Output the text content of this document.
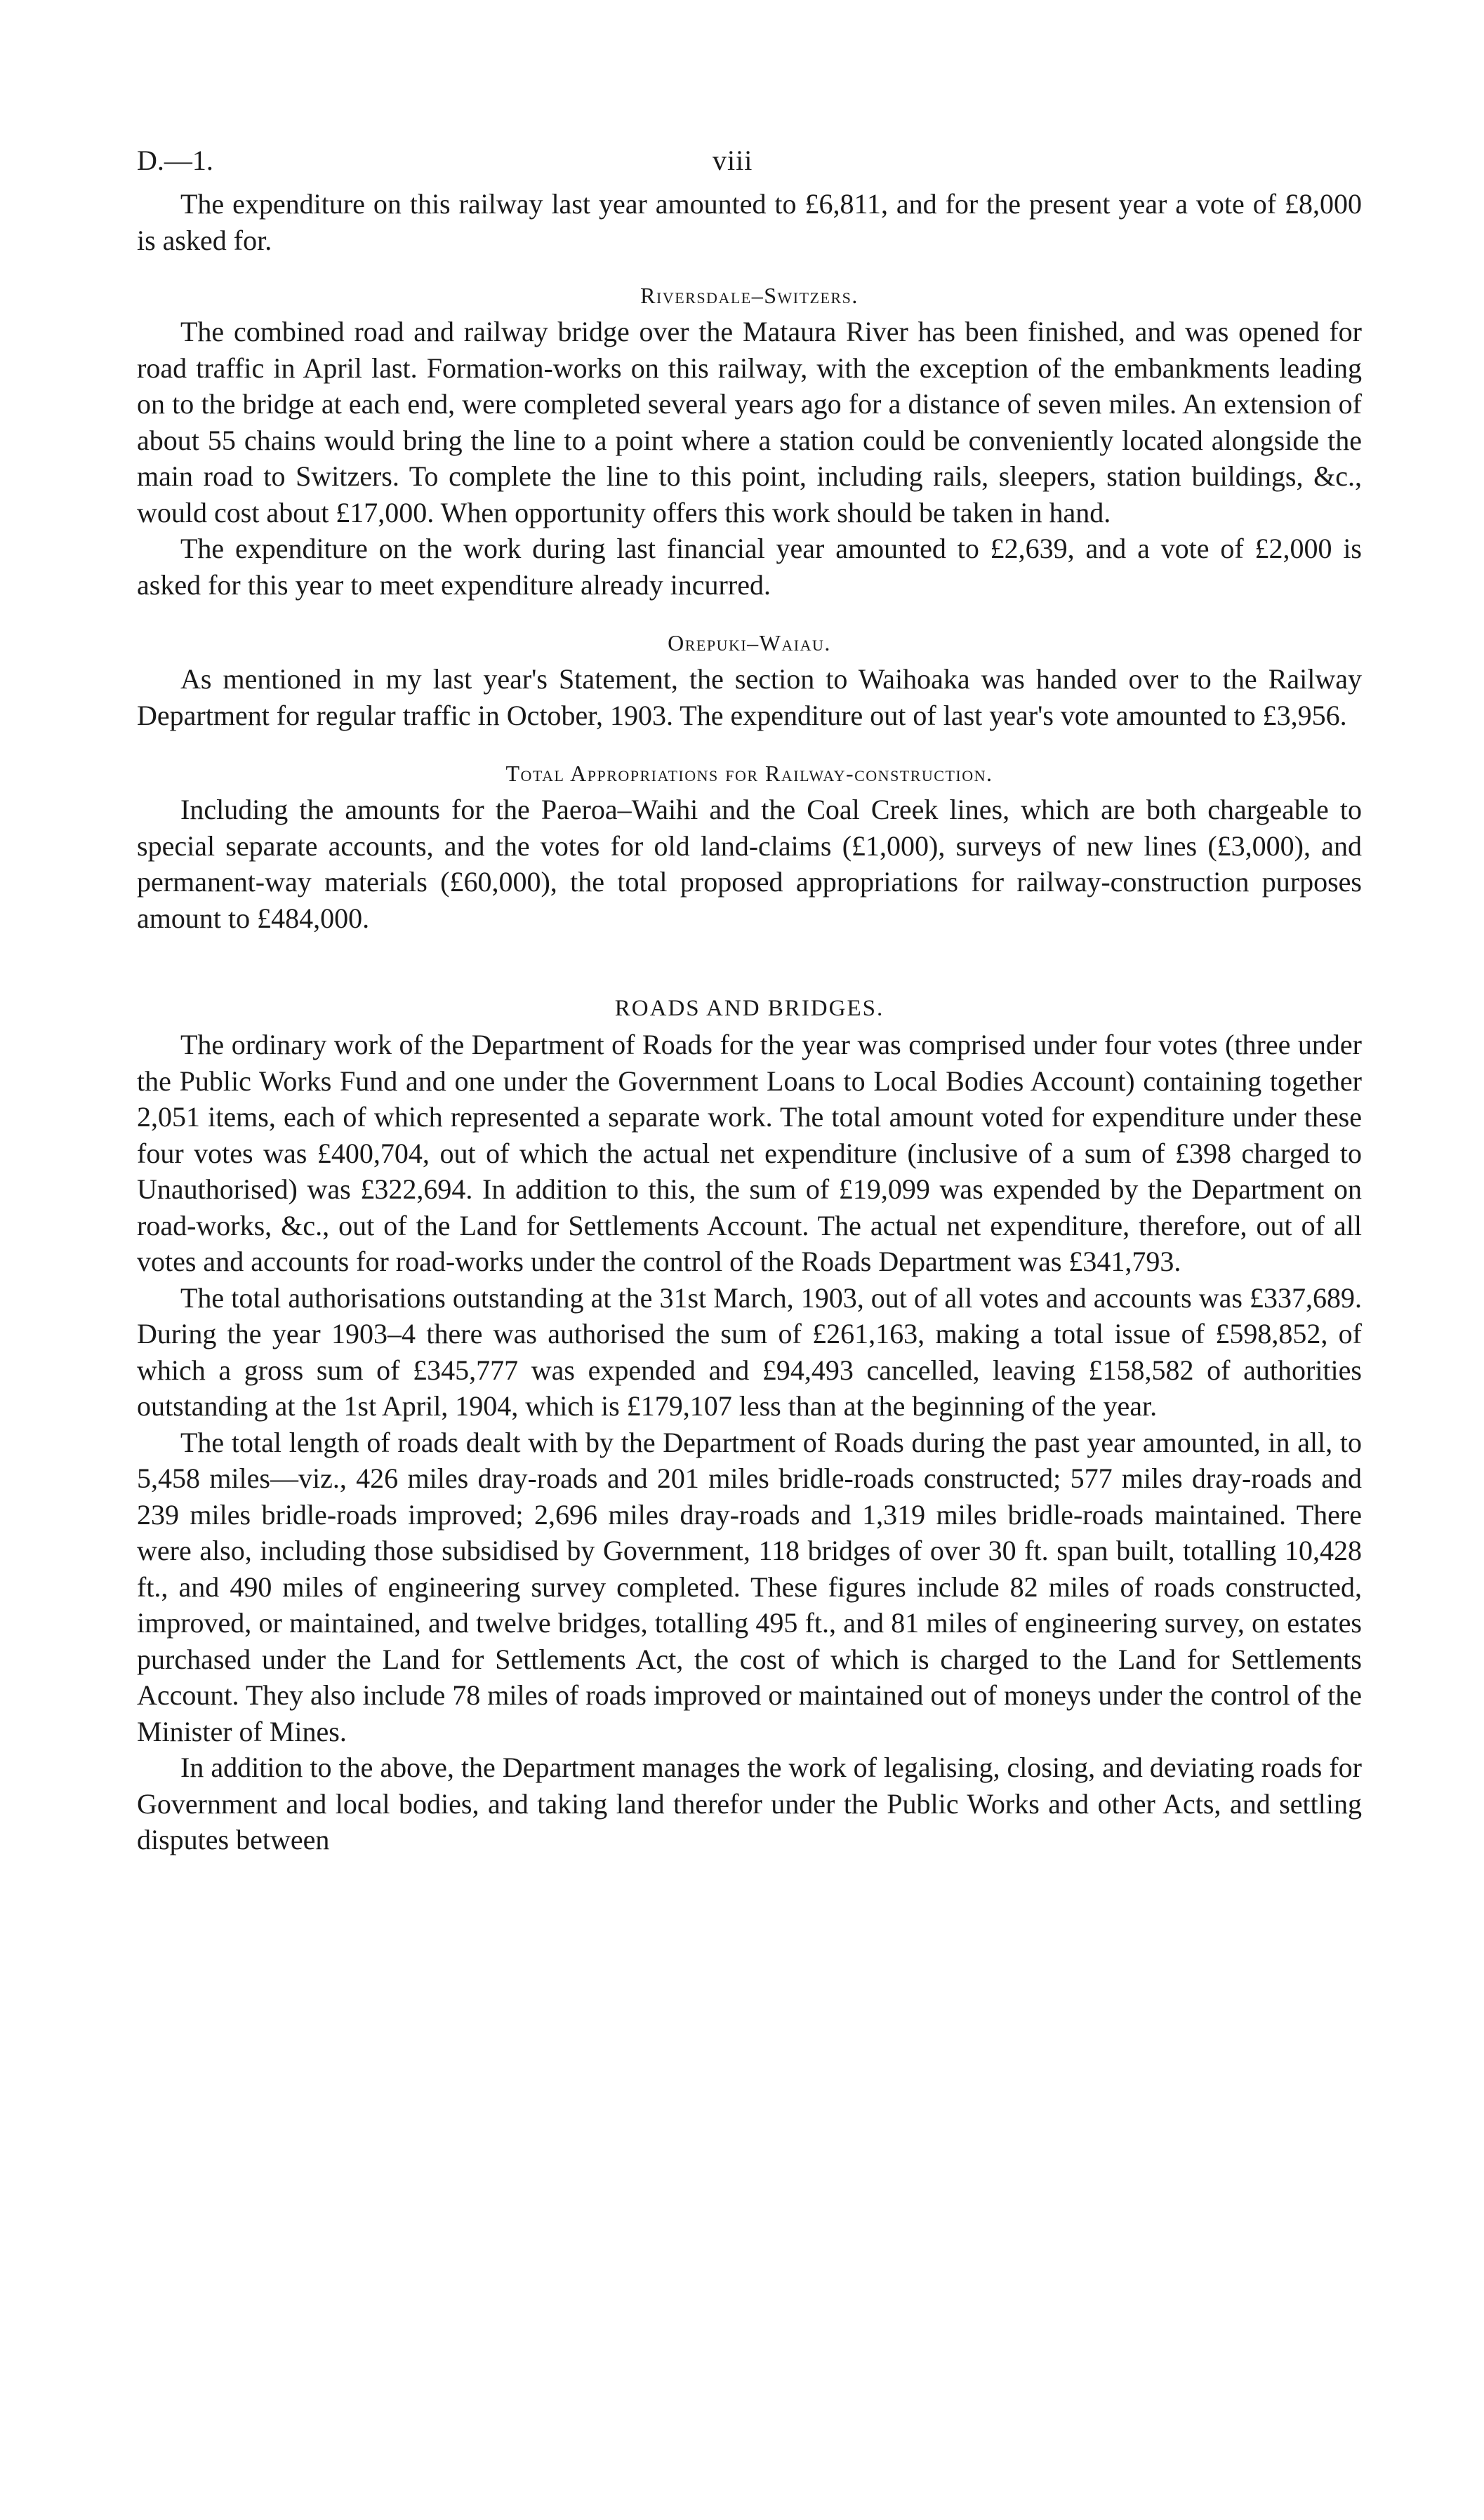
D.—1.	viii

The expenditure on this railway last year amounted to £6,811, and for the present year a vote of £8,000 is asked for.

Riversdale–Switzers.

The combined road and railway bridge over the Mataura River has been finished, and was opened for road traffic in April last. Formation-works on this railway, with the exception of the embankments leading on to the bridge at each end, were completed several years ago for a distance of seven miles. An extension of about 55 chains would bring the line to a point where a station could be conveniently located alongside the main road to Switzers. To complete the line to this point, including rails, sleepers, station buildings, &c., would cost about £17,000. When opportunity offers this work should be taken in hand.

The expenditure on the work during last financial year amounted to £2,639, and a vote of £2,000 is asked for this year to meet expenditure already incurred.

Orepuki–Waiau.

As mentioned in my last year's Statement, the section to Waihoaka was handed over to the Railway Department for regular traffic in October, 1903. The expenditure out of last year's vote amounted to £3,956.

Total Appropriations for Railway-construction.

Including the amounts for the Paeroa–Waihi and the Coal Creek lines, which are both chargeable to special separate accounts, and the votes for old land-claims (£1,000), surveys of new lines (£3,000), and permanent-way materials (£60,000), the total proposed appropriations for railway-construction purposes amount to £484,000.

ROADS AND BRIDGES.

The ordinary work of the Department of Roads for the year was comprised under four votes (three under the Public Works Fund and one under the Government Loans to Local Bodies Account) containing together 2,051 items, each of which represented a separate work. The total amount voted for expenditure under these four votes was £400,704, out of which the actual net expenditure (inclusive of a sum of £398 charged to Unauthorised) was £322,694. In addition to this, the sum of £19,099 was expended by the Department on road-works, &c., out of the Land for Settlements Account. The actual net expenditure, therefore, out of all votes and accounts for road-works under the control of the Roads Department was £341,793.

The total authorisations outstanding at the 31st March, 1903, out of all votes and accounts was £337,689. During the year 1903–4 there was authorised the sum of £261,163, making a total issue of £598,852, of which a gross sum of £345,777 was expended and £94,493 cancelled, leaving £158,582 of authorities outstanding at the 1st April, 1904, which is £179,107 less than at the beginning of the year.

The total length of roads dealt with by the Department of Roads during the past year amounted, in all, to 5,458 miles—viz., 426 miles dray-roads and 201 miles bridle-roads constructed; 577 miles dray-roads and 239 miles bridle-roads improved; 2,696 miles dray-roads and 1,319 miles bridle-roads maintained. There were also, including those subsidised by Government, 118 bridges of over 30 ft. span built, totalling 10,428 ft., and 490 miles of engineering survey completed. These figures include 82 miles of roads constructed, improved, or maintained, and twelve bridges, totalling 495 ft., and 81 miles of engineering survey, on estates purchased under the Land for Settlements Act, the cost of which is charged to the Land for Settlements Account. They also include 78 miles of roads improved or maintained out of moneys under the control of the Minister of Mines.

In addition to the above, the Department manages the work of legalising, closing, and deviating roads for Government and local bodies, and taking land therefor under the Public Works and other Acts, and settling disputes between
